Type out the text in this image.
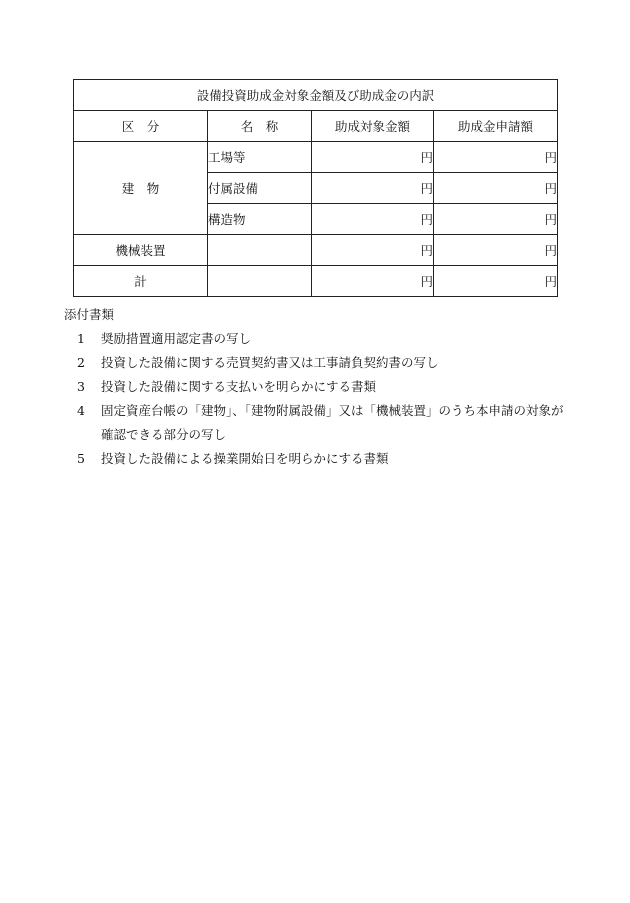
設備投資助成金対象金額及び助成金の内訳			
区　分	名　称	助成対象金額	助成金申請額
建　物	工場等	円	円
	付属設備	円	円
	構造物	円	円
機械装置		円	円
計		円	円
添付書類
1	奨励措置適用認定書の写し
2	投資した設備に関する売買契約書又は工事請負契約書の写し
3	投資した設備に関する支払いを明らかにする書類
4	固定資産台帳の「建物」、「建物附属設備」又は「機械装置」のうち本申請の対象が確認できる部分の写し
5	投資した設備による操業開始日を明らかにする書類
